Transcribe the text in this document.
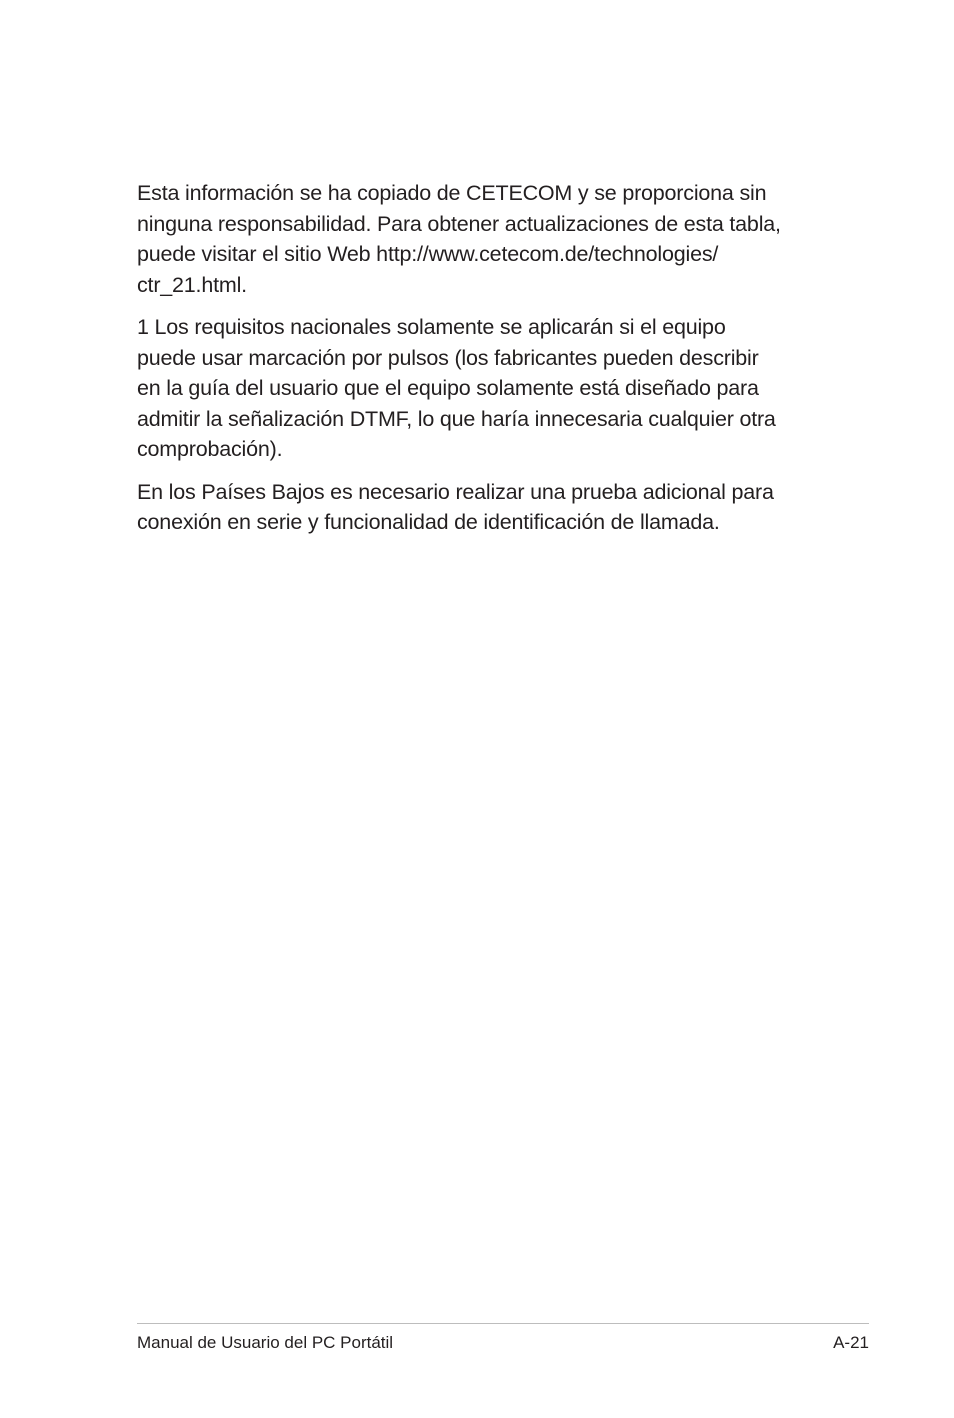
Esta información se ha copiado de CETECOM y se proporciona sin
ninguna responsabilidad. Para obtener actualizaciones de esta tabla,
puede visitar el sitio Web http://www.cetecom.de/technologies/
ctr_21.html.

1 Los requisitos nacionales solamente se aplicarán si el equipo
puede usar marcación por pulsos (los fabricantes pueden describir
en la guía del usuario que el equipo solamente está diseñado para
admitir la señalización DTMF, lo que haría innecesaria cualquier otra
comprobación).

En los Países Bajos es necesario realizar una prueba adicional para
conexión en serie y funcionalidad de identificación de llamada.

Manual de Usuario del PC Portátil	A-21
